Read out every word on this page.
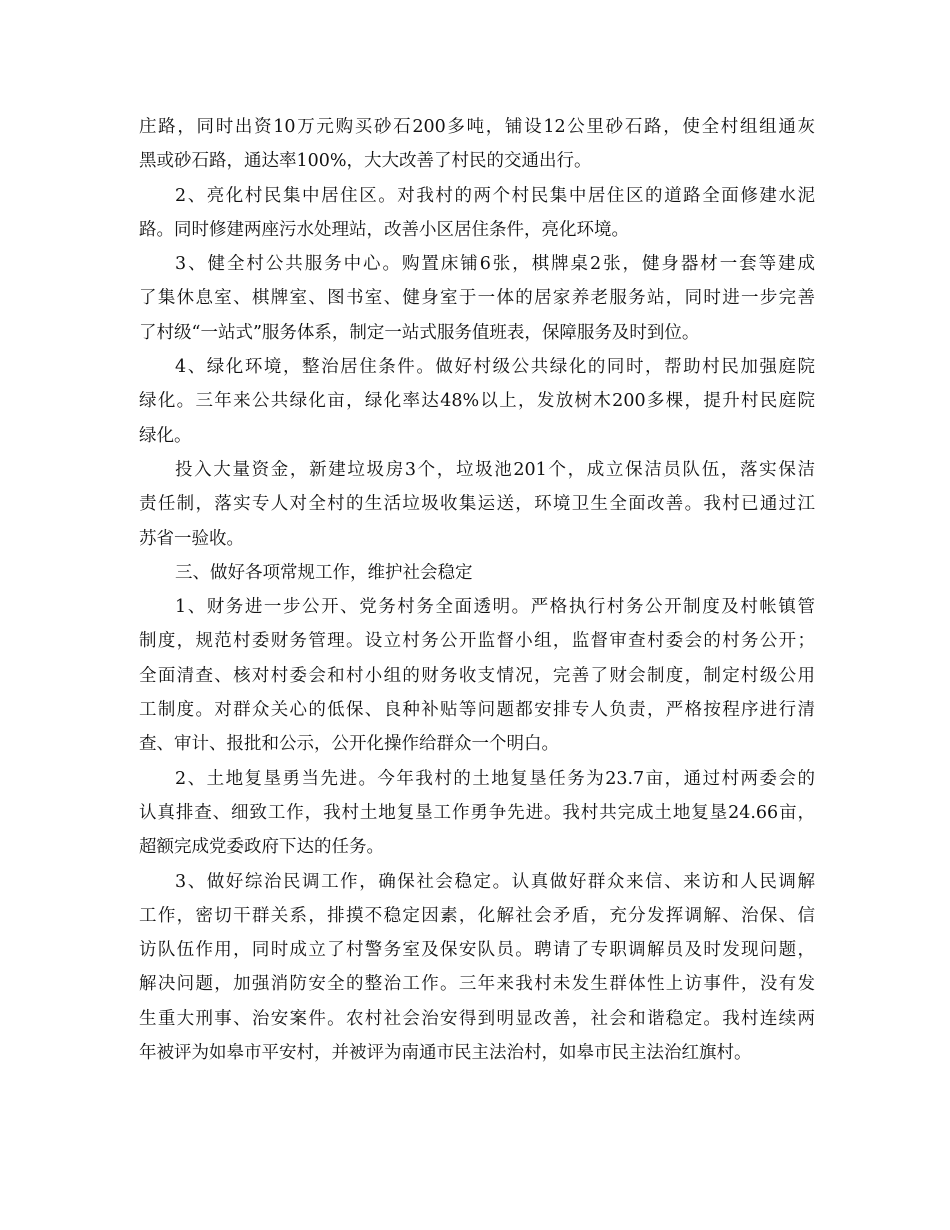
庄路，同时出资10万元购买砂石200多吨，铺设12公里砂石路，使全村组组通灰
黑或砂石路，通达率100%，大大改善了村民的交通出行。
2、亮化村民集中居住区。对我村的两个村民集中居住区的道路全面修建水泥
路。同时修建两座污水处理站，改善小区居住条件，亮化环境。
3、健全村公共服务中心。购置床铺6张，棋牌桌2张，健身器材一套等建成
了集休息室、棋牌室、图书室、健身室于一体的居家养老服务站，同时进一步完善
了村级“一站式”服务体系，制定一站式服务值班表，保障服务及时到位。
4、绿化环境，整治居住条件。做好村级公共绿化的同时，帮助村民加强庭院
绿化。三年来公共绿化亩，绿化率达48%以上，发放树木200多棵，提升村民庭院
绿化。
投入大量资金，新建垃圾房3个，垃圾池201个，成立保洁员队伍，落实保洁
责任制，落实专人对全村的生活垃圾收集运送，环境卫生全面改善。我村已通过江
苏省一验收。
三、做好各项常规工作，维护社会稳定
1、财务进一步公开、党务村务全面透明。严格执行村务公开制度及村帐镇管
制度，规范村委财务管理。设立村务公开监督小组，监督审查村委会的村务公开；
全面清查、核对村委会和村小组的财务收支情况，完善了财会制度，制定村级公用
工制度。对群众关心的低保、良种补贴等问题都安排专人负责，严格按程序进行清
查、审计、报批和公示，公开化操作给群众一个明白。
2、土地复垦勇当先进。今年我村的土地复垦任务为23.7亩，通过村两委会的
认真排查、细致工作，我村土地复垦工作勇争先进。我村共完成土地复垦24.66亩，
超额完成党委政府下达的任务。
3、做好综治民调工作，确保社会稳定。认真做好群众来信、来访和人民调解
工作，密切干群关系，排摸不稳定因素，化解社会矛盾，充分发挥调解、治保、信
访队伍作用，同时成立了村警务室及保安队员。聘请了专职调解员及时发现问题，
解决问题，加强消防安全的整治工作。三年来我村未发生群体性上访事件，没有发
生重大刑事、治安案件。农村社会治安得到明显改善，社会和谐稳定。我村连续两
年被评为如皋市平安村，并被评为南通市民主法治村，如皋市民主法治红旗村。
